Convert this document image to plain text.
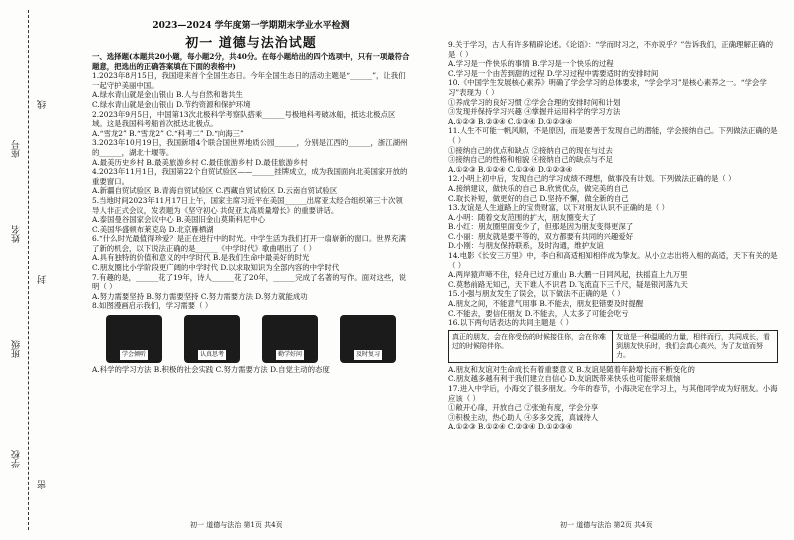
学校
班级
姓名
座号
密
封
线
2023—2024 学年度第一学期期末学业水平检测
初一 道德与法治试题

一、选择题(本题共20小题，每小题2分，共40分。在每小题给出的四个选项中，只有一项最符合题意，把选出的正确答案填在下面的表格中)

1.2023年8月15日，我国迎来首个全国生态日。今年全国生态日的活动主题是“______”，让我们一起守护美丽中国。

A.绿水青山就是金山银山 B.人与自然和谐共生

C.绿水青山就是金山银山 D.节约资源和保护环境

2.2023年9月5日，中国第13次北极科学考察队搭乘______号极地科考破冰船，抵达北极点区域。这是我国科考船首次抵达北极点。

A.“雪龙2” B.“雪龙2” C.“科考二” D.“向海三”

3.2023年10月19日，我国新增4个联合国世界地质公园______，分别是江西的______，浙江湖州的______，湖北十堰等。

A.最美历史乡村 B.最美旅游乡村 C.最佳旅游乡村 D.最佳旅游乡村

4.2023年11月1日，我国第22个自贸试验区——______挂牌成立，成为我国面向北美国家开放的重要窗口。

A.新疆自贸试验区 B.青海自贸试验区 C.西藏自贸试验区 D.云南自贸试验区

5.当地时间2023年11月17日上午，国家主席习近平在美国______出席亚太经合组织第三十次领导人非正式会议，发表题为《坚守初心 共促亚太高质量增长》的重要讲话。

A.泰国曼谷国家会议中心 B.美国旧金山莫斯科尼中心

C.美国华盛顿布莱克岛 D.北京雁栖湖

6.“什么时光最值得珍爱？是正在进行中的时光。中学生活为我们打开一扇崭新的窗口。世界充满了新的机会，以下说法正确的是______《中学时代》歌曲唱出了（ ）

A.具有独特的价值和意义的中学时代 B.是我们生命中最美好的时光

C.朋友圈比小学阶段更广阔的中学时代 D.以求取知识为全部内容的中学时代

7.有趣的是，______花了19年，诗人______花了20年，______完成了名著的写作。面对这些，说明（ ）

A.努力需要坚持 B.努力需要坚持 C.努力需要方法 D.努力就能成功

8.如图漫画启示我们，学习需要（ ）

学会倾听	认真思考	勤学好问	及时复习

A.科学的学习方法 B.积极的社会实践 C.努力需要方法 D.自觉主动的态度

9.关于学习，古人有许多精辟论述。《论语》：“学而时习之，不亦说乎？”告诉我们，正确理解正确的是（ ）

A.学习是一件快乐的事情 B.学习是一个快乐的过程

C.学习是一个由苦到甜的过程 D.学习过程中需要适时的安排时间

10.《中国学生发展核心素养》明确了学会学习的总体要求，“学会学习”是核心素养之一。“学会学习”表现为（ ）

①养成学习的良好习惯 ②学会合理的安排时间和计划

③发现并保持学习兴趣 ④掌握并运用科学的学习方法

A.①②③ B.②③④ C.①③④ D.①②③④

11.人生不可能一帆风顺，不是原因，而是要善于发现自己的潜能，学会接纳自己。下列做法正确的是（ ）

①接纳自己的优点和缺点 ②接纳自己的现在与过去

③接纳自己的性格和相貌 ④接纳自己的缺点与不足

A.①②③ B.①②④ C.①③④ D.①②③④

12.小明上初中后，发现自己的学习成绩不理想，做事没有计划。下列做法正确的是（ ）

A.接纳建议，做快乐的自己 B.欣赏优点，做完美的自己

C.取长补短，做更好的自己 D.坚持不懈，做全新的自己

13.友谊是人生道路上的宝贵财富，以下对朋友认识不正确的是（ ）

A.小明：随着交友范围的扩大，朋友圈变大了

B.小红：朋友圈里面变少了，但那是因为朋友变得更深了

C.小丽：朋友就是要平等的，双方都要有共同的兴趣爱好

D.小刚：与朋友保持联系，及时沟通，维护友谊

14.电影《长安三万里》中，李白和高适相知相伴成为挚友。从小立志出将入相的高适，天下有关的是（ ）

A.两岸猿声啼不住，轻舟已过万重山 B.大鹏一日同风起，扶摇直上九万里

C.莫愁前路无知己，天下谁人不识君 D.飞流直下三千尺，疑是银河落九天

15.小强与朋友发生了误会，以下做法不正确的是（ ）

A.朋友之间，不能意气用事 B.不能去，朋友犯错要及时提醒

C.不能去，要信任朋友 D.不能去，人太多了可能会吃亏

16.以下两句话表达的共同主题是（ ）

真正的朋友，会在你受伤的时候接住你，会在你难过的时候陪伴你。
友谊是一种温暖的力量，相伴而行，共同成长，看到朋友快乐时，我们会真心高兴，为了友谊而努力。

A.朋友和友谊对生命成长有着重要意义 B.友谊是随着年龄增长而不断变化的

C.朋友越多越有利于我们建立自信心 D.友谊既带来快乐也可能带来烦恼

17.进入中学后，小海交了很多朋友。今年的春节，小海决定在学习上，与其他同学成为好朋友。小海应该（ ）

①敞开心扉，开放自己 ②张弛有度，学会分享

③积极主动，热心助人 ④多多交流，真诚待人

A.①②③ B.①②④ C.②③④ D.①②③④

初一 道德与法治 第1页 共4页	初一 道德与法治 第2页 共4页
